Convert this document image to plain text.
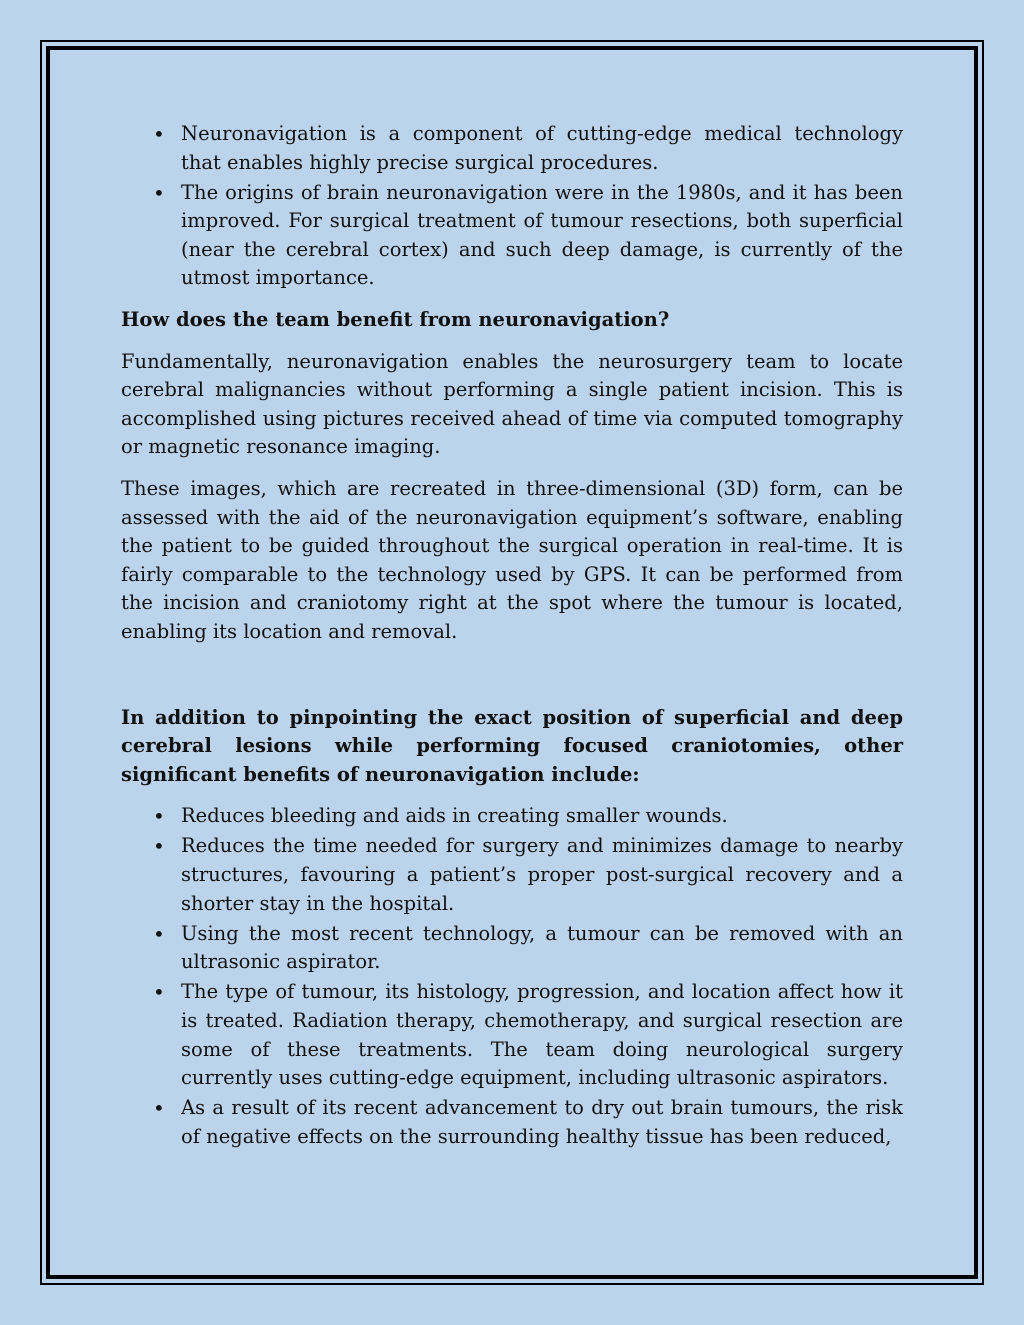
• Neuronavigation is a component of cutting-edge medical technology that enables highly precise surgical procedures.
• The origins of brain neuronavigation were in the 1980s, and it has been improved. For surgical treatment of tumour resections, both superficial (near the cerebral cortex) and such deep damage, is currently of the utmost importance.
How does the team benefit from neuronavigation?

Fundamentally, neuronavigation enables the neurosurgery team to locate cerebral malignancies without performing a single patient incision. This is accomplished using pictures received ahead of time via computed tomography or magnetic resonance imaging.

These images, which are recreated in three-dimensional (3D) form, can be assessed with the aid of the neuronavigation equipment’s software, enabling the patient to be guided throughout the surgical operation in real-time. It is fairly comparable to the technology used by GPS. It can be performed from the incision and craniotomy right at the spot where the tumour is located, enabling its location and removal.

In addition to pinpointing the exact position of superficial and deep cerebral lesions while performing focused craniotomies, other significant benefits of neuronavigation include:
• Reduces bleeding and aids in creating smaller wounds.
• Reduces the time needed for surgery and minimizes damage to nearby structures, favouring a patient’s proper post-surgical recovery and a shorter stay in the hospital.
• Using the most recent technology, a tumour can be removed with an ultrasonic aspirator.
• The type of tumour, its histology, progression, and location affect how it is treated. Radiation therapy, chemotherapy, and surgical resection are some of these treatments. The team doing neurological surgery currently uses cutting-edge equipment, including ultrasonic aspirators.
• As a result of its recent advancement to dry out brain tumours, the risk of negative effects on the surrounding healthy tissue has been reduced,
